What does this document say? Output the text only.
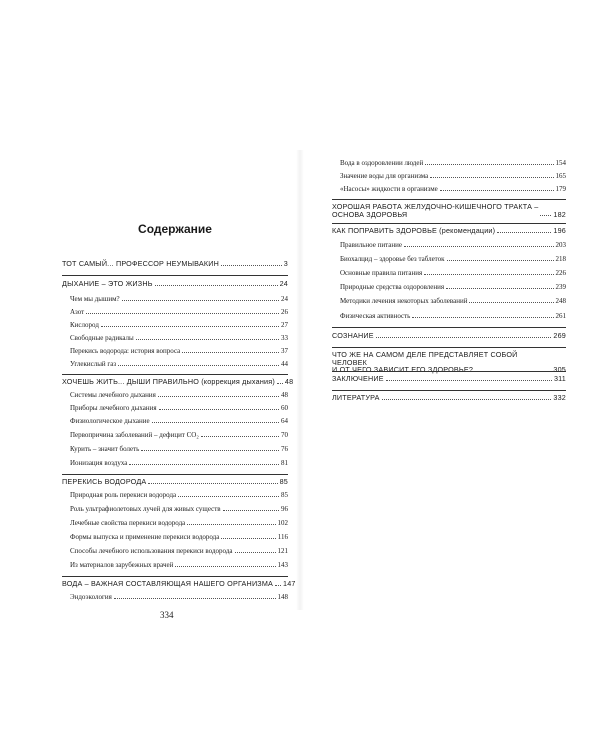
Содержание
ТОТ САМЫЙ... ПРОФЕССОР НЕУМЫВАКИН	3
ДЫХАНИЕ – ЭТО ЖИЗНЬ	24
Чем мы дышим?	24
Азот	26
Кислород	27
Свободные радикалы	33
Перекись водорода: история вопроса	37
Углекислый газ	44
ХОЧЕШЬ ЖИТЬ... ДЫШИ ПРАВИЛЬНО (коррекция дыхания) 48
Системы лечебного дыхания	48
Приборы лечебного дыхания	60
Физиологическое дыхание	64
Первопричина заболеваний – дефицит CO₂	70
Курить – значит болеть	76
Ионизация воздуха	81
ПЕРЕКИСЬ ВОДОРОДА	85
Природная роль перекиси водорода	85
Роль ультрафиолетовых лучей для живых существ	96
Лечебные свойства перекиси водорода	102
Формы выпуска и применение перекиси водорода	116
Способы лечебного использования перекиси водорода	121
Из материалов зарубежных врачей	143
ВОДА – ВАЖНАЯ СОСТАВЛЯЮЩАЯ НАШЕГО ОРГАНИЗМА 147
Эндоэкология	148
334
Вода в оздоровлении людей	154
Значение воды для организма	165
«Насосы» жидкости в организме	179
ХОРОШАЯ РАБОТА ЖЕЛУДОЧНО-КИШЕЧНОГО ТРАКТА –
ОСНОВА ЗДОРОВЬЯ	182
КАК ПОПРАВИТЬ ЗДОРОВЬЕ (рекомендации)	196
Правильное питание	203
Биохалцид – здоровье без таблеток	218
Основные правила питания	226
Природные средства оздоровления	239
Методики лечения некоторых заболеваний	248
Физическая активность	261
СОЗНАНИЕ	269
ЧТО ЖЕ НА САМОМ ДЕЛЕ ПРЕДСТАВЛЯЕТ СОБОЙ ЧЕЛОВЕК
И ОТ ЧЕГО ЗАВИСИТ ЕГО ЗДОРОВЬЕ?	305
ЗАКЛЮЧЕНИЕ	311
ЛИТЕРАТУРА	332
